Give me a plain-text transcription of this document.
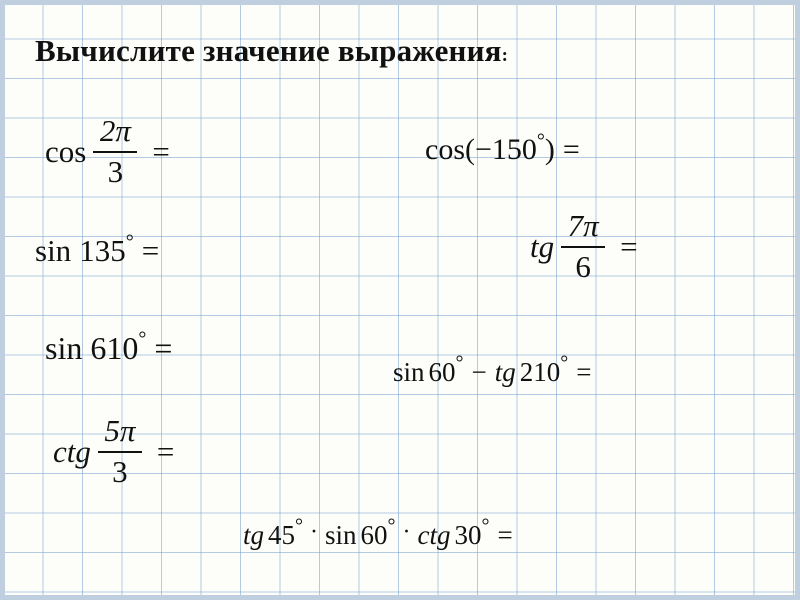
Вычислите значение выражения:
$\cos \frac{2\pi}{3}$ =
sin 135 ° =
sin 610 ° =
ctg $\frac{5\pi}{3}$ =
cos ( −150 ° ) =
tg $\frac{7\pi}{6}$ =
sin 60 ° − tg 210 ° =
tg 45 ° · sin 60 ° · ctg 30 ° =
